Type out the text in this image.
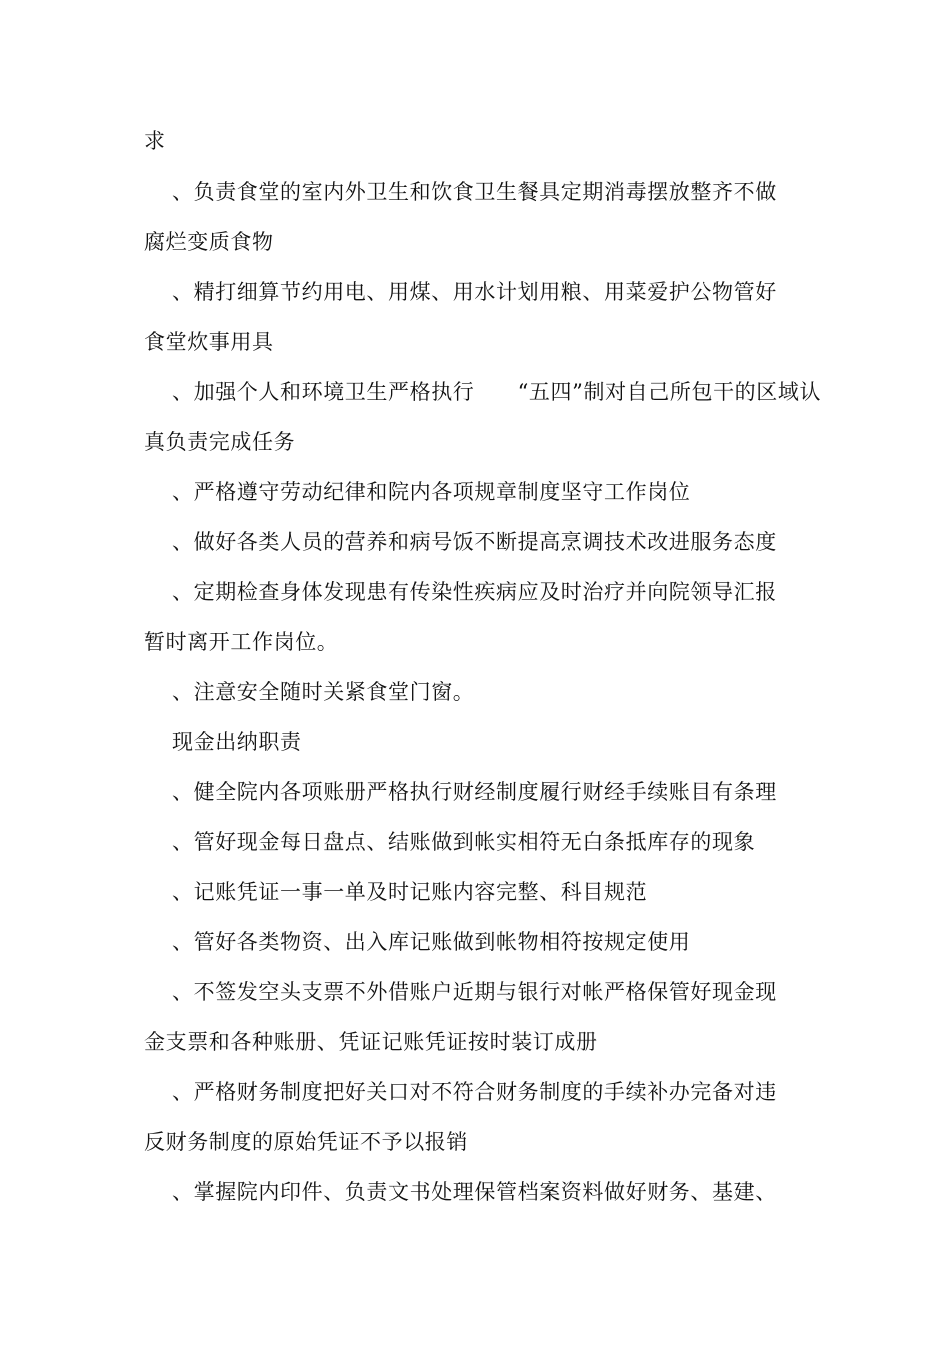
求

、负责食堂的室内外卫生和饮食卫生餐具定期消毒摆放整齐不做

腐烂变质食物

、精打细算节约用电、用煤、用水计划用粮、用菜爱护公物管好

食堂炊事用具

、加强个人和环境卫生严格执行　　“五四”制对自己所包干的区域认

真负责完成任务

、严格遵守劳动纪律和院内各项规章制度坚守工作岗位

、做好各类人员的营养和病号饭不断提高烹调技术改进服务态度

、定期检查身体发现患有传染性疾病应及时治疗并向院领导汇报

暂时离开工作岗位。

、注意安全随时关紧食堂门窗。

现金出纳职责

、健全院内各项账册严格执行财经制度履行财经手续账目有条理

、管好现金每日盘点、结账做到帐实相符无白条抵库存的现象

、记账凭证一事一单及时记账内容完整、科目规范

、管好各类物资、出入库记账做到帐物相符按规定使用

、不签发空头支票不外借账户近期与银行对帐严格保管好现金现

金支票和各种账册、凭证记账凭证按时装订成册

、严格财务制度把好关口对不符合财务制度的手续补办完备对违

反财务制度的原始凭证不予以报销

、掌握院内印件、负责文书处理保管档案资料做好财务、基建、
